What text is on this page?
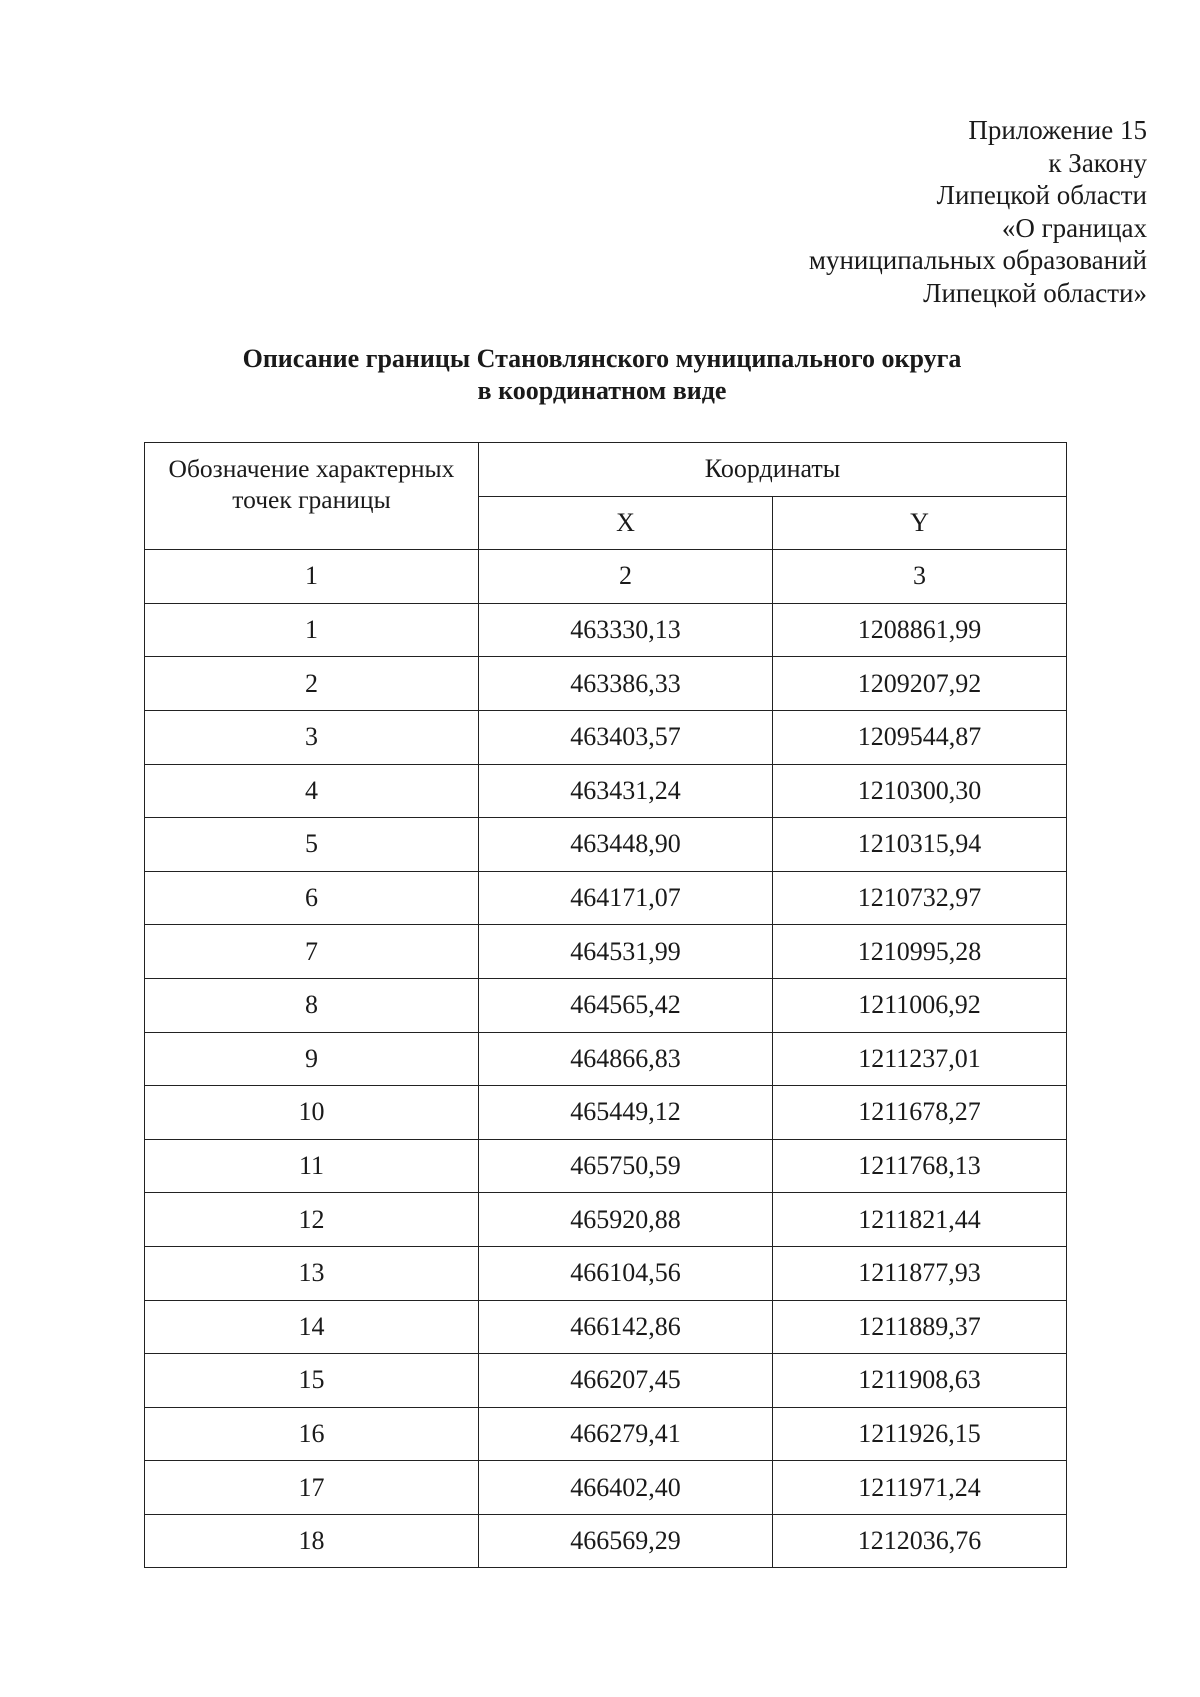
Приложение 15
к Закону
Липецкой области
«О границах
муниципальных образований
Липецкой области»
Описание границы Становлянского муниципального округа
в координатном виде
Обозначение характерных
точек границы	Координаты	
	X	Y
1	2	3
1	463330,13	1208861,99
2	463386,33	1209207,92
3	463403,57	1209544,87
4	463431,24	1210300,30
5	463448,90	1210315,94
6	464171,07	1210732,97
7	464531,99	1210995,28
8	464565,42	1211006,92
9	464866,83	1211237,01
10	465449,12	1211678,27
11	465750,59	1211768,13
12	465920,88	1211821,44
13	466104,56	1211877,93
14	466142,86	1211889,37
15	466207,45	1211908,63
16	466279,41	1211926,15
17	466402,40	1211971,24
18	466569,29	1212036,76
